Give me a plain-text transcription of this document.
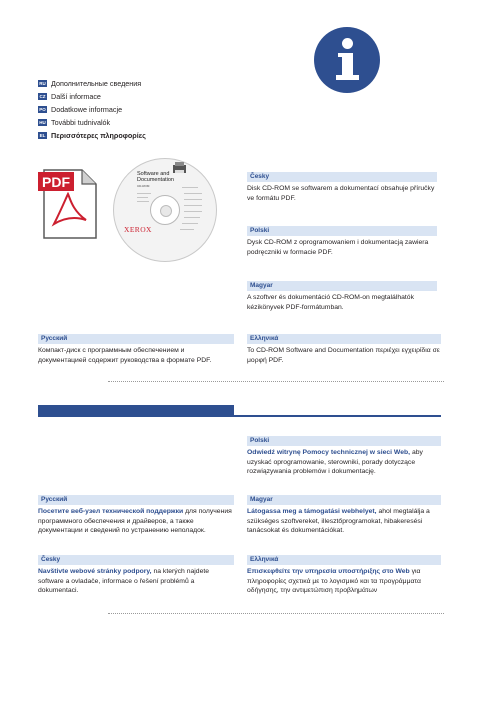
RU Дополнительные сведения
CZ Další informace
PO Dodatkowe informacje
HU További tudnivalók
EL Περισσότερες πληροφορίες
PDF	Software and Documentation
CD-ROM
XEROX
Česky
Disk CD-ROM se softwarem a dokumentací obsahuje příručky ve formátu PDF.
Polski
Dysk CD-ROM z oprogramowaniem i dokumentacją zawiera podręczniki w formacie PDF.
Magyar
A szoftver és dokumentáció CD-ROM-on megtalálhatók kézikönyvek PDF-formátumban.
Русский
Компакт-диск с программным обеспечением и документацией содержит руководства в формате PDF.
Ελληνικά
Το CD-ROM Software and Documentation περιέχει εγχειρίδια σε μορφή PDF.
Polski
Odwiedź witrynę Pomocy technicznej w sieci Web, aby uzyskać oprogramowanie, sterowniki, porady dotyczące rozwiązywania problemów i dokumentację.
Русский
Посетите веб-узел технической поддержки для получения программного обеспечения и драйверов, а также документации и сведений по устранению неполадок.
Magyar
Látogassa meg a támogatási webhelyet, ahol megtalálja a szükséges szoftvereket, illesztőprogramokat, hibakeresési tanácsokat és dokumentációkat.
Česky
Navštivte webové stránky podpory, na kterých najdete software a ovladače, informace o řešení problémů a dokumentaci.
Ελληνικά
Επισκεφθείτε την υπηρεσία υποστήριξης στο Web για πληροφορίες σχετικά με το λογισμικό και τα προγράμματα οδήγησης, την αντιμετώπιση προβλημάτων
